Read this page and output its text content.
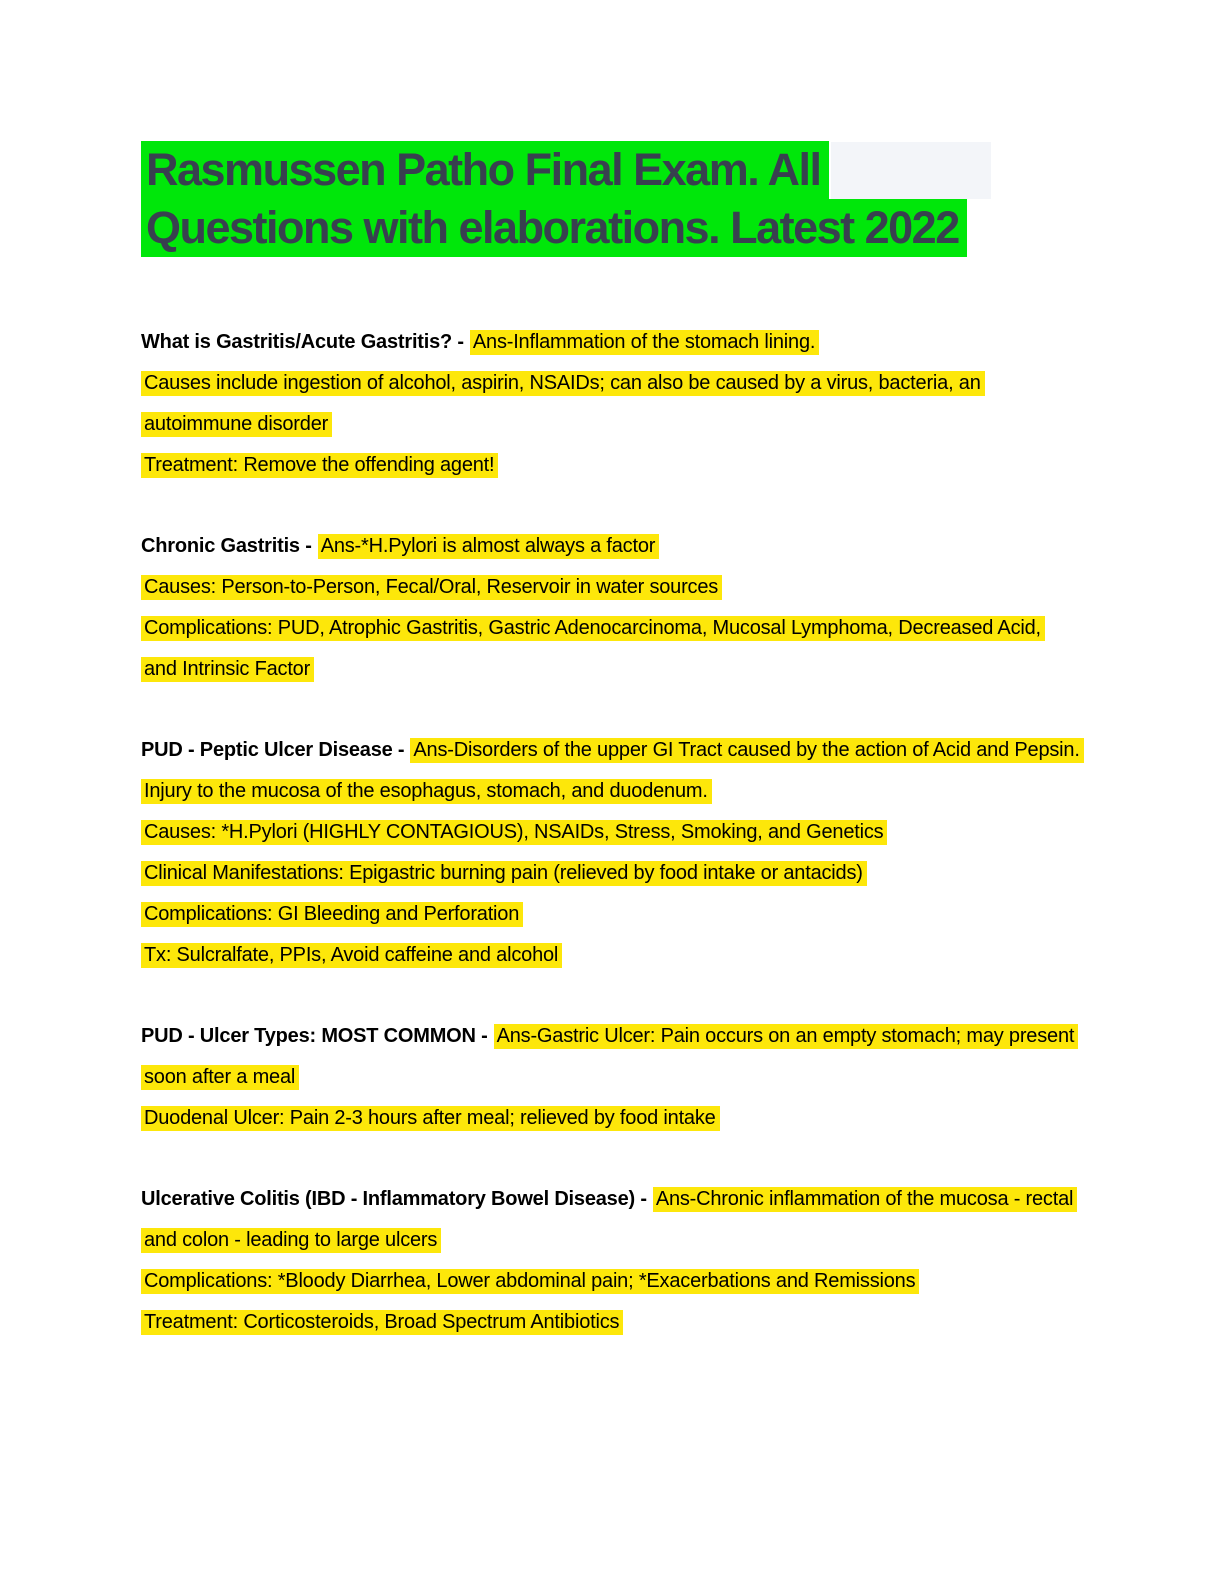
Rasmussen Patho Final Exam. All
Questions with elaborations. Latest 2022
What is Gastritis/Acute Gastritis? - Ans-Inflammation of the stomach lining.
Causes include ingestion of alcohol, aspirin, NSAIDs; can also be caused by a virus, bacteria, an
autoimmune disorder
Treatment: Remove the offending agent!
Chronic Gastritis - Ans-*H.Pylori is almost always a factor
Causes: Person-to-Person, Fecal/Oral, Reservoir in water sources
Complications: PUD, Atrophic Gastritis, Gastric Adenocarcinoma, Mucosal Lymphoma, Decreased Acid,
and Intrinsic Factor
PUD - Peptic Ulcer Disease - Ans-Disorders of the upper GI Tract caused by the action of Acid and Pepsin.
Injury to the mucosa of the esophagus, stomach, and duodenum.
Causes: *H.Pylori (HIGHLY CONTAGIOUS), NSAIDs, Stress, Smoking, and Genetics
Clinical Manifestations: Epigastric burning pain (relieved by food intake or antacids)
Complications: GI Bleeding and Perforation
Tx: Sulcralfate, PPIs, Avoid caffeine and alcohol
PUD - Ulcer Types: MOST COMMON - Ans-Gastric Ulcer: Pain occurs on an empty stomach; may present
soon after a meal
Duodenal Ulcer: Pain 2-3 hours after meal; relieved by food intake
Ulcerative Colitis (IBD - Inflammatory Bowel Disease) - Ans-Chronic inflammation of the mucosa - rectal
and colon - leading to large ulcers
Complications: *Bloody Diarrhea, Lower abdominal pain; *Exacerbations and Remissions
Treatment: Corticosteroids, Broad Spectrum Antibiotics
